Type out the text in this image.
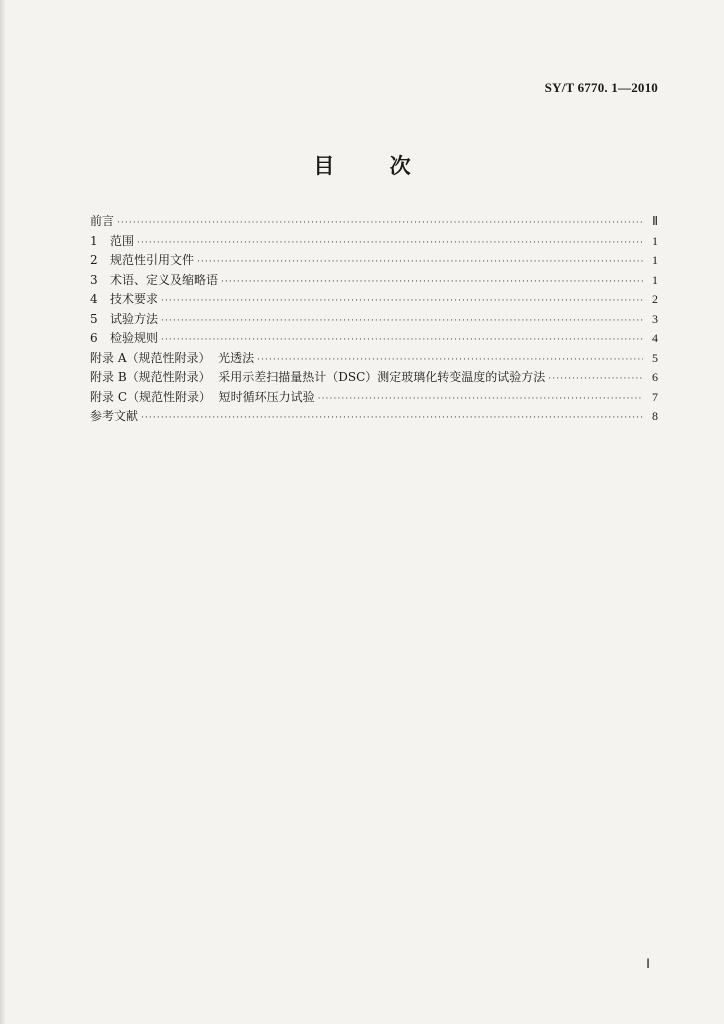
SY/T 6770. 1—2010
目 次
前言 ·····	Ⅱ
1 范围 ·····	1
2 规范性引用文件 ·····	1
3 术语、定义及缩略语 ·····	1
4 技术要求 ·····	2
5 试验方法 ·····	3
6 检验规则 ·····	4
附录 A（规范性附录）  光透法 ·····	5
附录 B（规范性附录）  采用示差扫描量热计（DSC）测定玻璃化转变温度的试验方法 ·····	6
附录 C（规范性附录）  短时循环压力试验 ·····	7
参考文献 ·····	8
Ⅰ
